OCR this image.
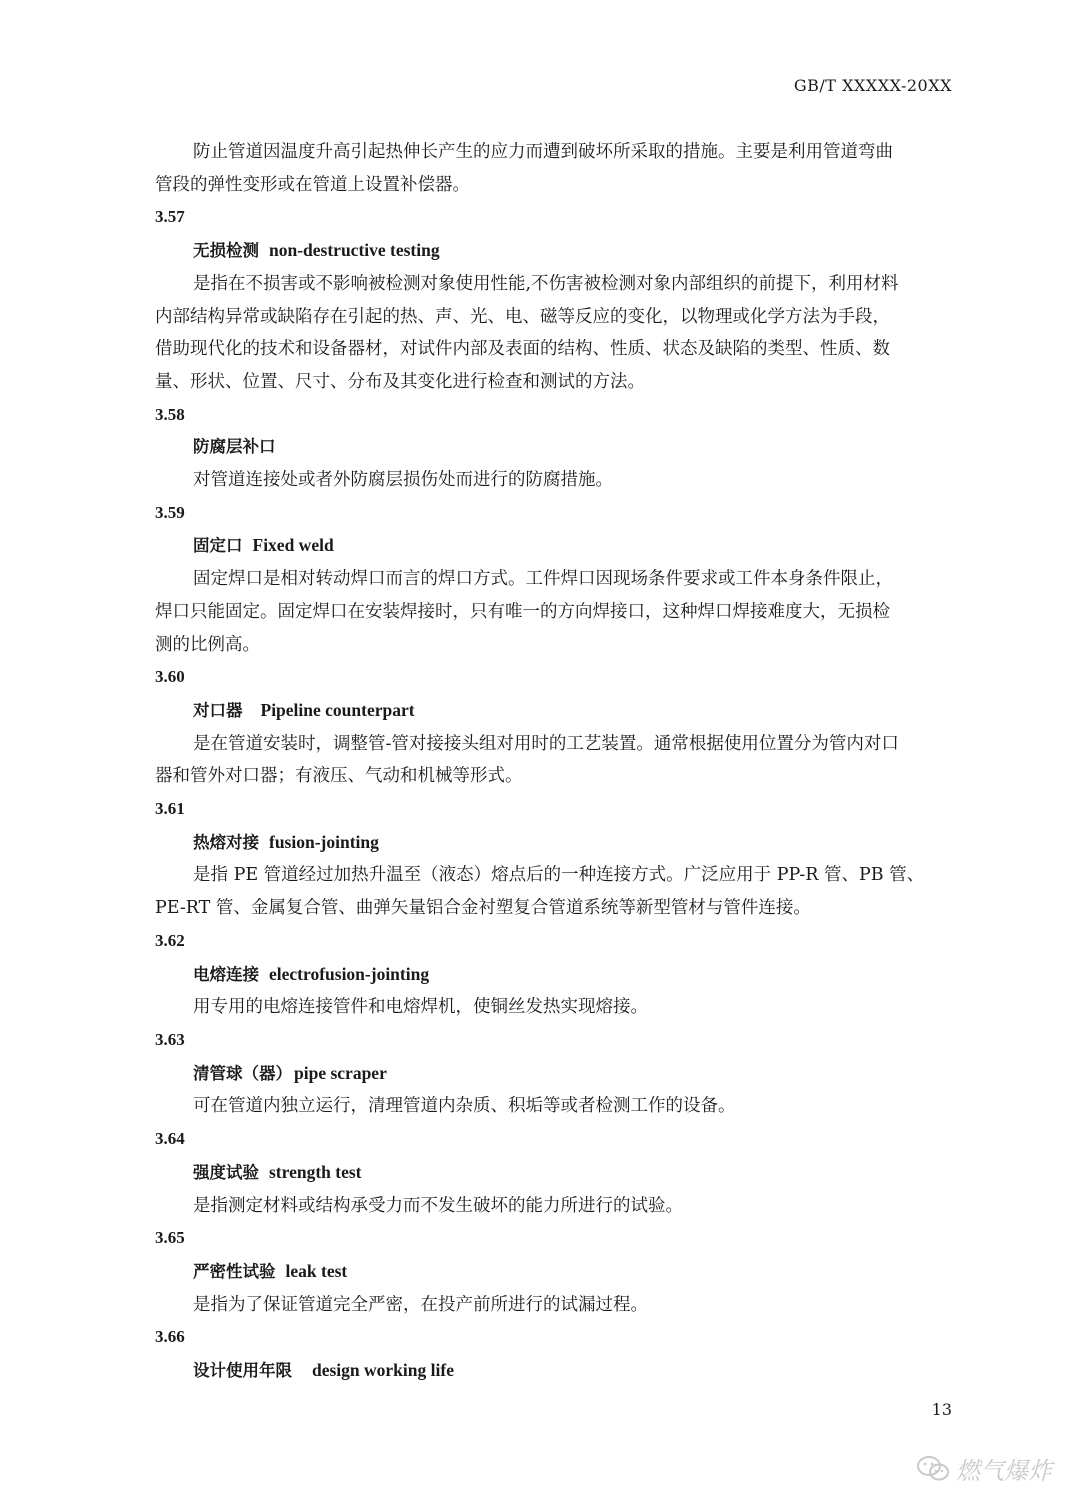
GB/T XXXXX-20XX
防止管道因温度升高引起热伸长产生的应力而遭到破坏所采取的措施。主要是利用管道弯曲
管段的弹性变形或在管道上设置补偿器。
3.57
无损检测 non-destructive testing
是指在不损害或不影响被检测对象使用性能,不伤害被检测对象内部组织的前提下，利用材料
内部结构异常或缺陷存在引起的热、声、光、电、磁等反应的变化，以物理或化学方法为手段，
借助现代化的技术和设备器材，对试件内部及表面的结构、性质、状态及缺陷的类型、性质、数
量、形状、位置、尺寸、分布及其变化进行检查和测试的方法。
3.58
防腐层补口
对管道连接处或者外防腐层损伤处而进行的防腐措施。
3.59
固定口 Fixed weld
固定焊口是相对转动焊口而言的焊口方式。工件焊口因现场条件要求或工件本身条件限止，
焊口只能固定。固定焊口在安装焊接时，只有唯一的方向焊接口，这种焊口焊接难度大，无损检
测的比例高。
3.60
对口器 Pipeline counterpart
是在管道安装时，调整管-管对接接头组对用时的工艺装置。通常根据使用位置分为管内对口
器和管外对口器；有液压、气动和机械等形式。
3.61
热熔对接 fusion-jointing
是指 PE 管道经过加热升温至（液态）熔点后的一种连接方式。广泛应用于 PP-R 管、PB 管、
PE-RT 管、金属复合管、曲弹矢量铝合金衬塑复合管道系统等新型管材与管件连接。
3.62
电熔连接 electrofusion-jointing
用专用的电熔连接管件和电熔焊机，使铜丝发热实现熔接。
3.63
清管球（器） pipe scraper
可在管道内独立运行，清理管道内杂质、积垢等或者检测工作的设备。
3.64
强度试验 strength test
是指测定材料或结构承受力而不发生破坏的能力所进行的试验。
3.65
严密性试验 leak test
是指为了保证管道完全严密，在投产前所进行的试漏过程。
3.66
设计使用年限 design working life
13
燃气爆炸
